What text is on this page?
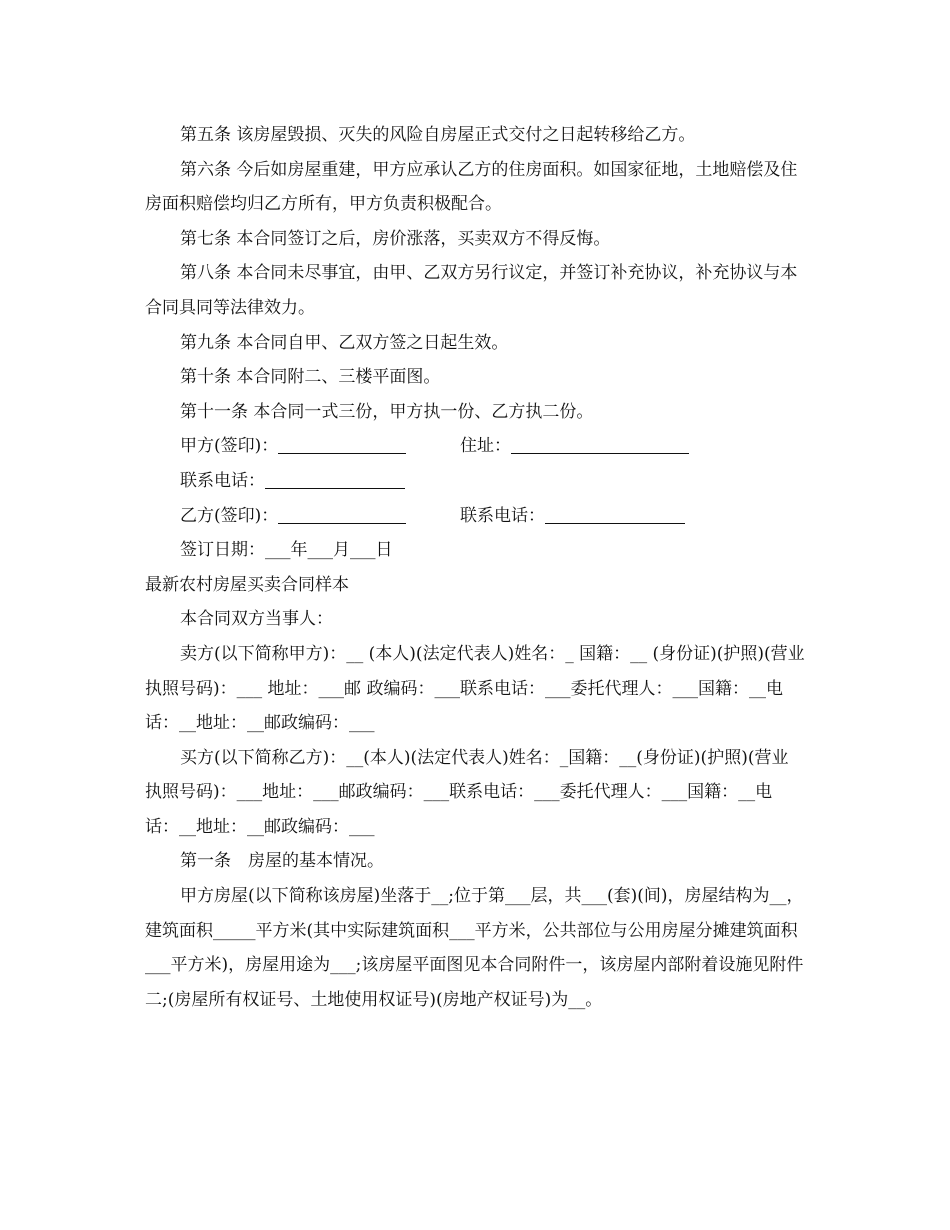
第五条 该房屋毁损、灭失的风险自房屋正式交付之日起转移给乙方。

第六条 今后如房屋重建，甲方应承认乙方的住房面积。如国家征地，土地赔偿及住房面积赔偿均归乙方所有，甲方负责积极配合。

第七条 本合同签订之后，房价涨落，买卖双方不得反悔。

第八条 本合同未尽事宜，由甲、乙双方另行议定，并签订补充协议，补充协议与本合同具同等法律效力。

第九条 本合同自甲、乙双方签之日起生效。

第十条 本合同附二、三楼平面图。

第十一条 本合同一式三份，甲方执一份、乙方执二份。

甲方(签印)：	住址：
联系电话：
乙方(签印)：	联系电话：
签订日期：___年___月___日

最新农村房屋买卖合同样本

本合同双方当事人：

卖方(以下简称甲方)：__ (本人)(法定代表人)姓名：_ 国籍：__ (身份证)(护照)(营业执照号码)：___ 地址：___邮 政编码：___联系电话：___委托代理人：___国籍：__电话：__地址：__邮政编码：___

买方(以下简称乙方)：__(本人)(法定代表人)姓名：_国籍：__(身份证)(护照)(营业执照号码)：___地址：___邮政编码：___联系电话：___委托代理人：___国籍：__电话：__地址：__邮政编码：___

第一条　房屋的基本情况。

甲方房屋(以下简称该房屋)坐落于__;位于第___层，共___(套)(间)，房屋结构为__，建筑面积_____平方米(其中实际建筑面积___平方米，公共部位与公用房屋分摊建筑面积___平方米)，房屋用途为___;该房屋平面图见本合同附件一，该房屋内部附着设施见附件二;(房屋所有权证号、土地使用权证号)(房地产权证号)为__。
